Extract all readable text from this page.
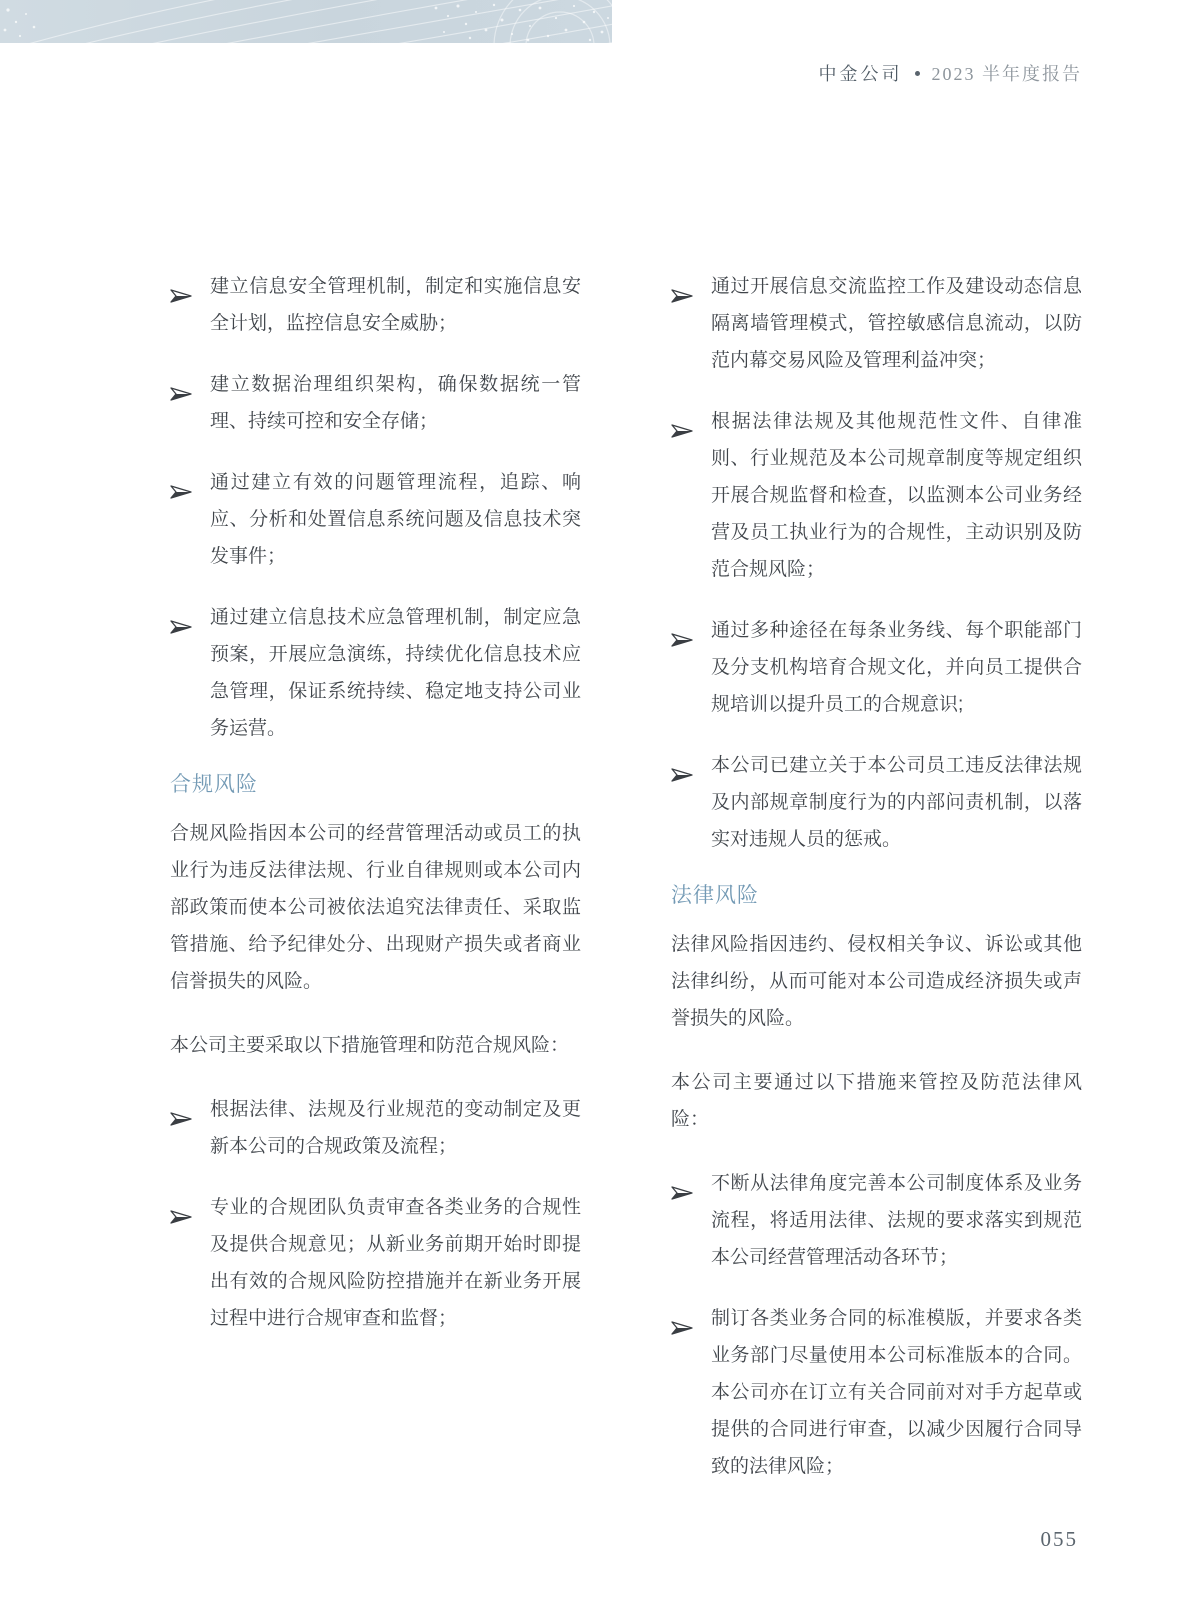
中金公司 2023 半年度报告
建立信息安全管理机制，制定和实施信息安全计划，监控信息安全威胁；
建立数据治理组织架构，确保数据统一管理、持续可控和安全存储；
通过建立有效的问题管理流程，追踪、响应、分析和处置信息系统问题及信息技术突发事件；
通过建立信息技术应急管理机制，制定应急预案，开展应急演练，持续优化信息技术应急管理，保证系统持续、稳定地支持公司业务运营。
合规风险

合规风险指因本公司的经营管理活动或员工的执业行为违反法律法规、行业自律规则或本公司内部政策而使本公司被依法追究法律责任、采取监管措施、给予纪律处分、出现财产损失或者商业信誉损失的风险。

本公司主要采取以下措施管理和防范合规风险：

根据法律、法规及行业规范的变动制定及更新本公司的合规政策及流程；
专业的合规团队负责审查各类业务的合规性及提供合规意见；从新业务前期开始时即提出有效的合规风险防控措施并在新业务开展过程中进行合规审查和监督；
通过开展信息交流监控工作及建设动态信息隔离墙管理模式，管控敏感信息流动，以防范内幕交易风险及管理利益冲突；
根据法律法规及其他规范性文件、自律准则、行业规范及本公司规章制度等规定组织开展合规监督和检查，以监测本公司业务经营及员工执业行为的合规性，主动识别及防范合规风险；
通过多种途径在每条业务线、每个职能部门及分支机构培育合规文化，并向员工提供合规培训以提升员工的合规意识;
本公司已建立关于本公司员工违反法律法规及内部规章制度行为的内部问责机制，以落实对违规人员的惩戒。
法律风险

法律风险指因违约、侵权相关争议、诉讼或其他法律纠纷，从而可能对本公司造成经济损失或声誉损失的风险。

本公司主要通过以下措施来管控及防范法律风险：

不断从法律角度完善本公司制度体系及业务流程，将适用法律、法规的要求落实到规范本公司经营管理活动各环节；
制订各类业务合同的标准模版，并要求各类业务部门尽量使用本公司标准版本的合同。本公司亦在订立有关合同前对对手方起草或提供的合同进行审查，以减少因履行合同导致的法律风险；
055
